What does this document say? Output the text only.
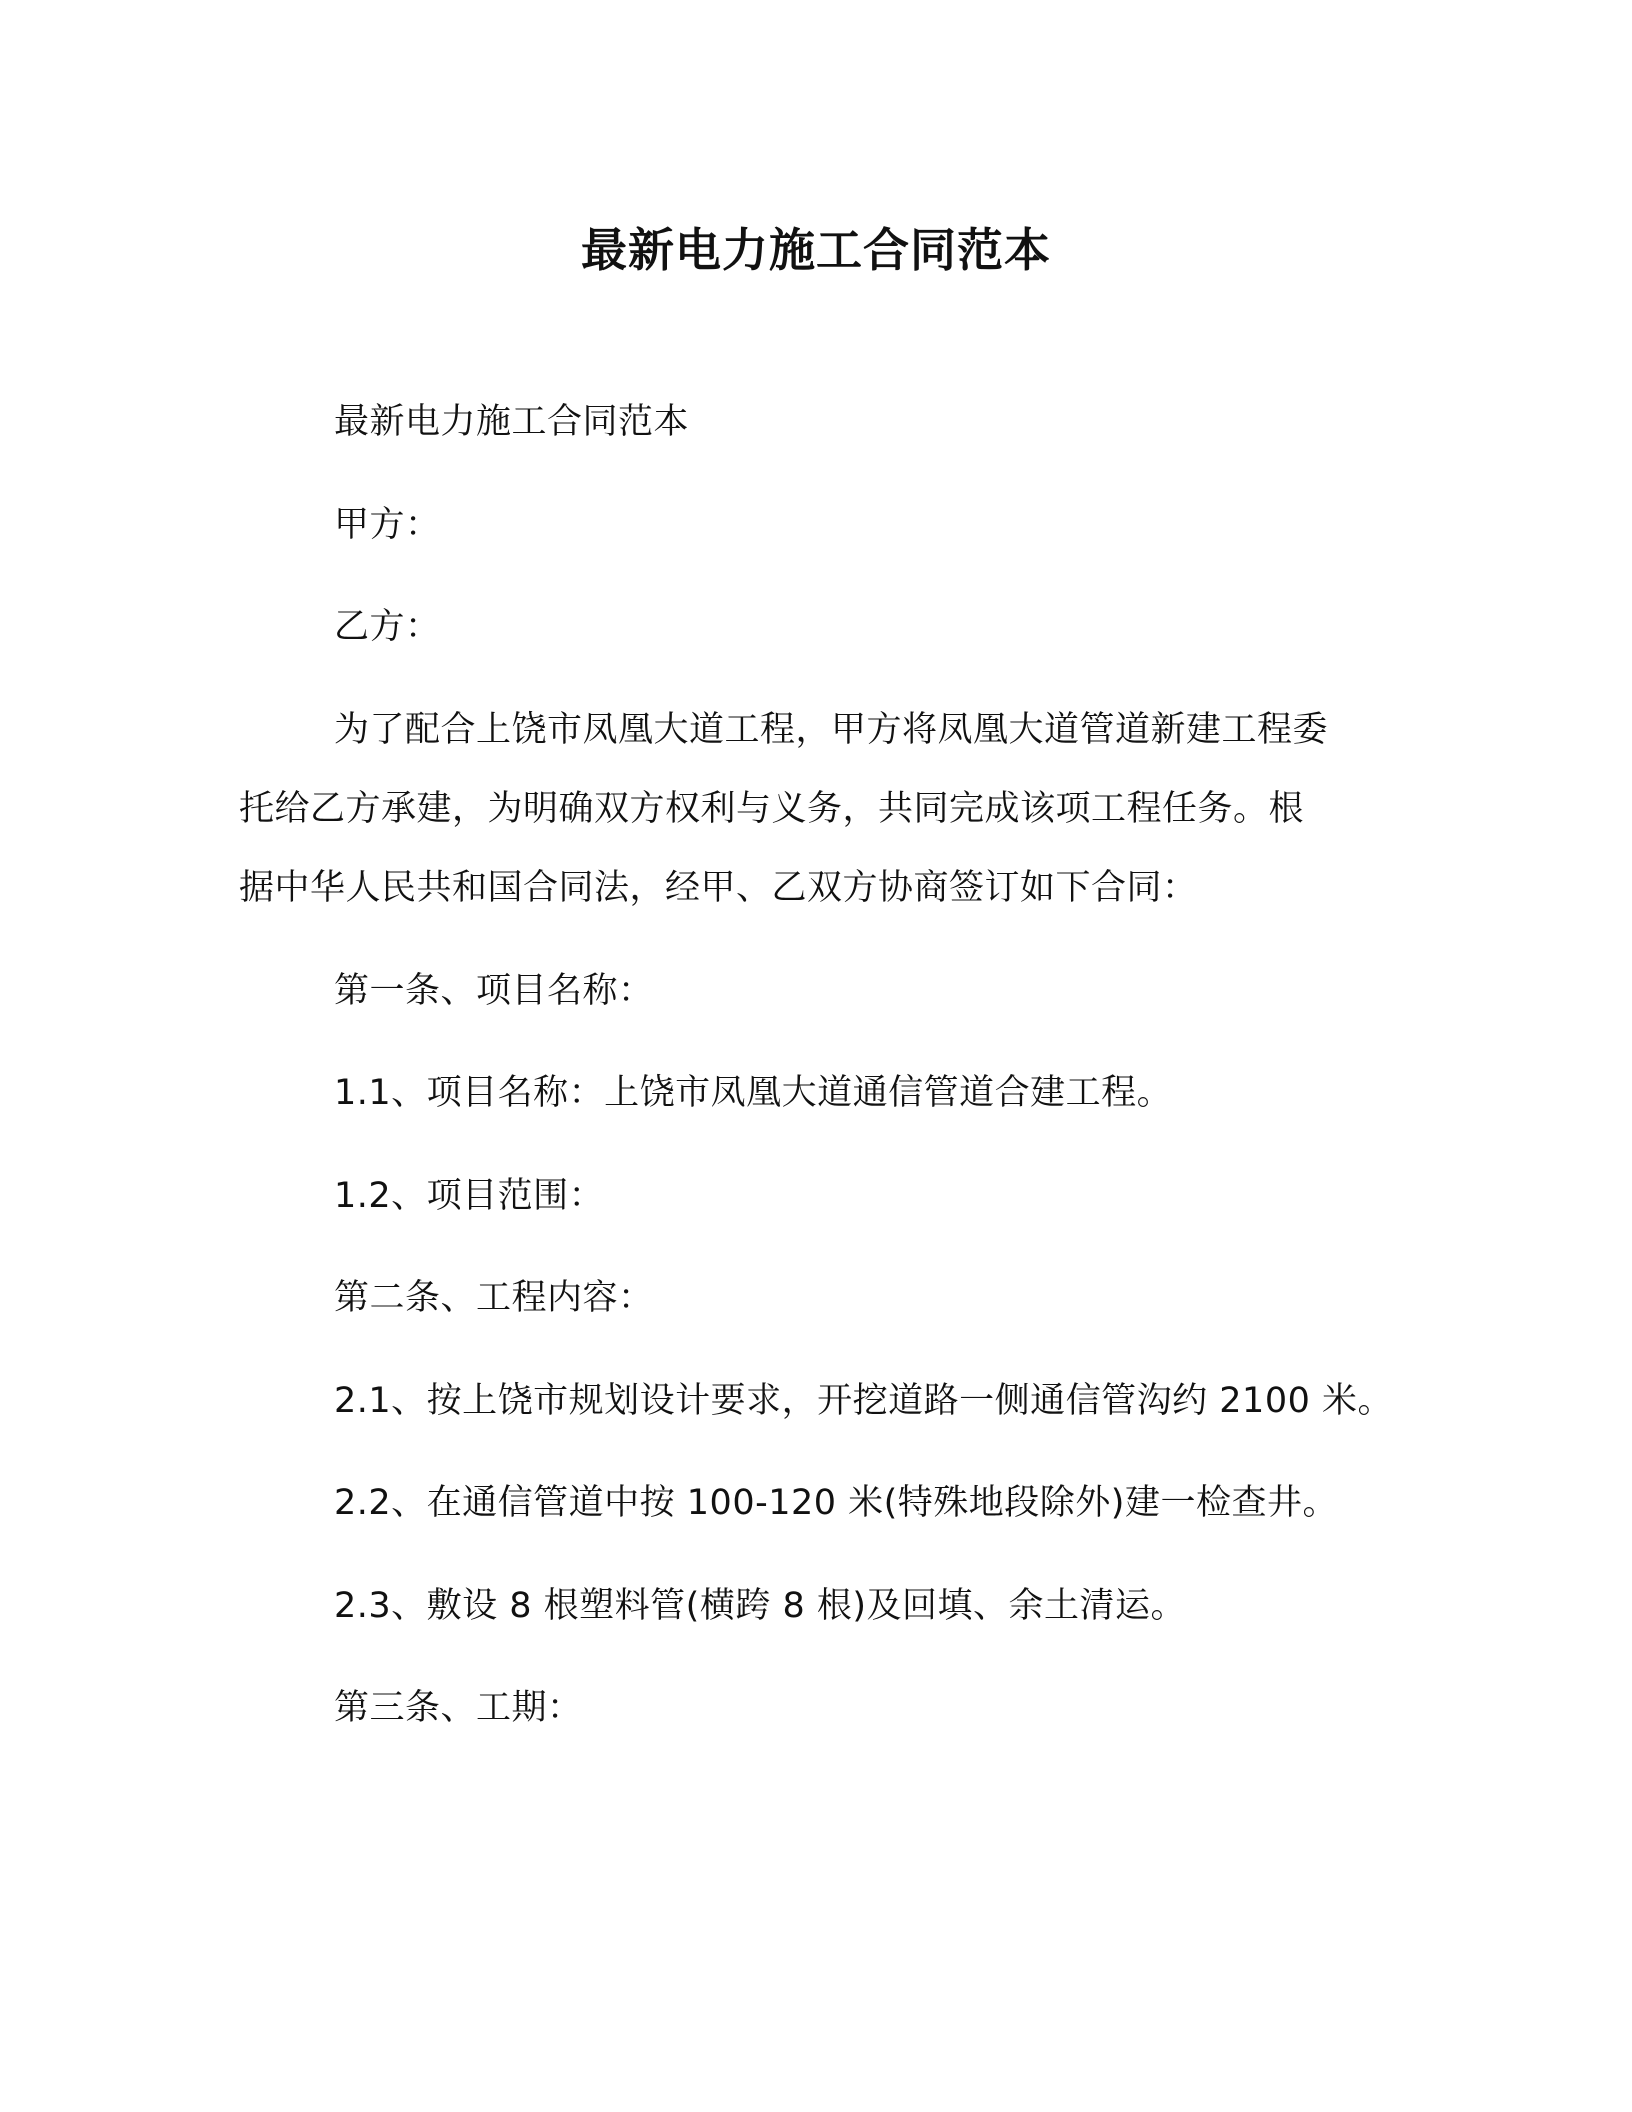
最新电力施工合同范本
最新电力施工合同范本
甲方：
乙方：
为了配合上饶市凤凰大道工程，甲方将凤凰大道管道新建工程委
托给乙方承建，为明确双方权利与义务，共同完成该项工程任务。根
据中华人民共和国合同法，经甲、乙双方协商签订如下合同：
第一条、项目名称：
1.1、项目名称：上饶市凤凰大道通信管道合建工程。
1.2、项目范围：
第二条、工程内容：
2.1、按上饶市规划设计要求，开挖道路一侧通信管沟约 2100 米。
2.2、在通信管道中按 100-120 米(特殊地段除外)建一检查井。
2.3、敷设 8 根塑料管(横跨 8 根)及回填、余土清运。
第三条、工期：
